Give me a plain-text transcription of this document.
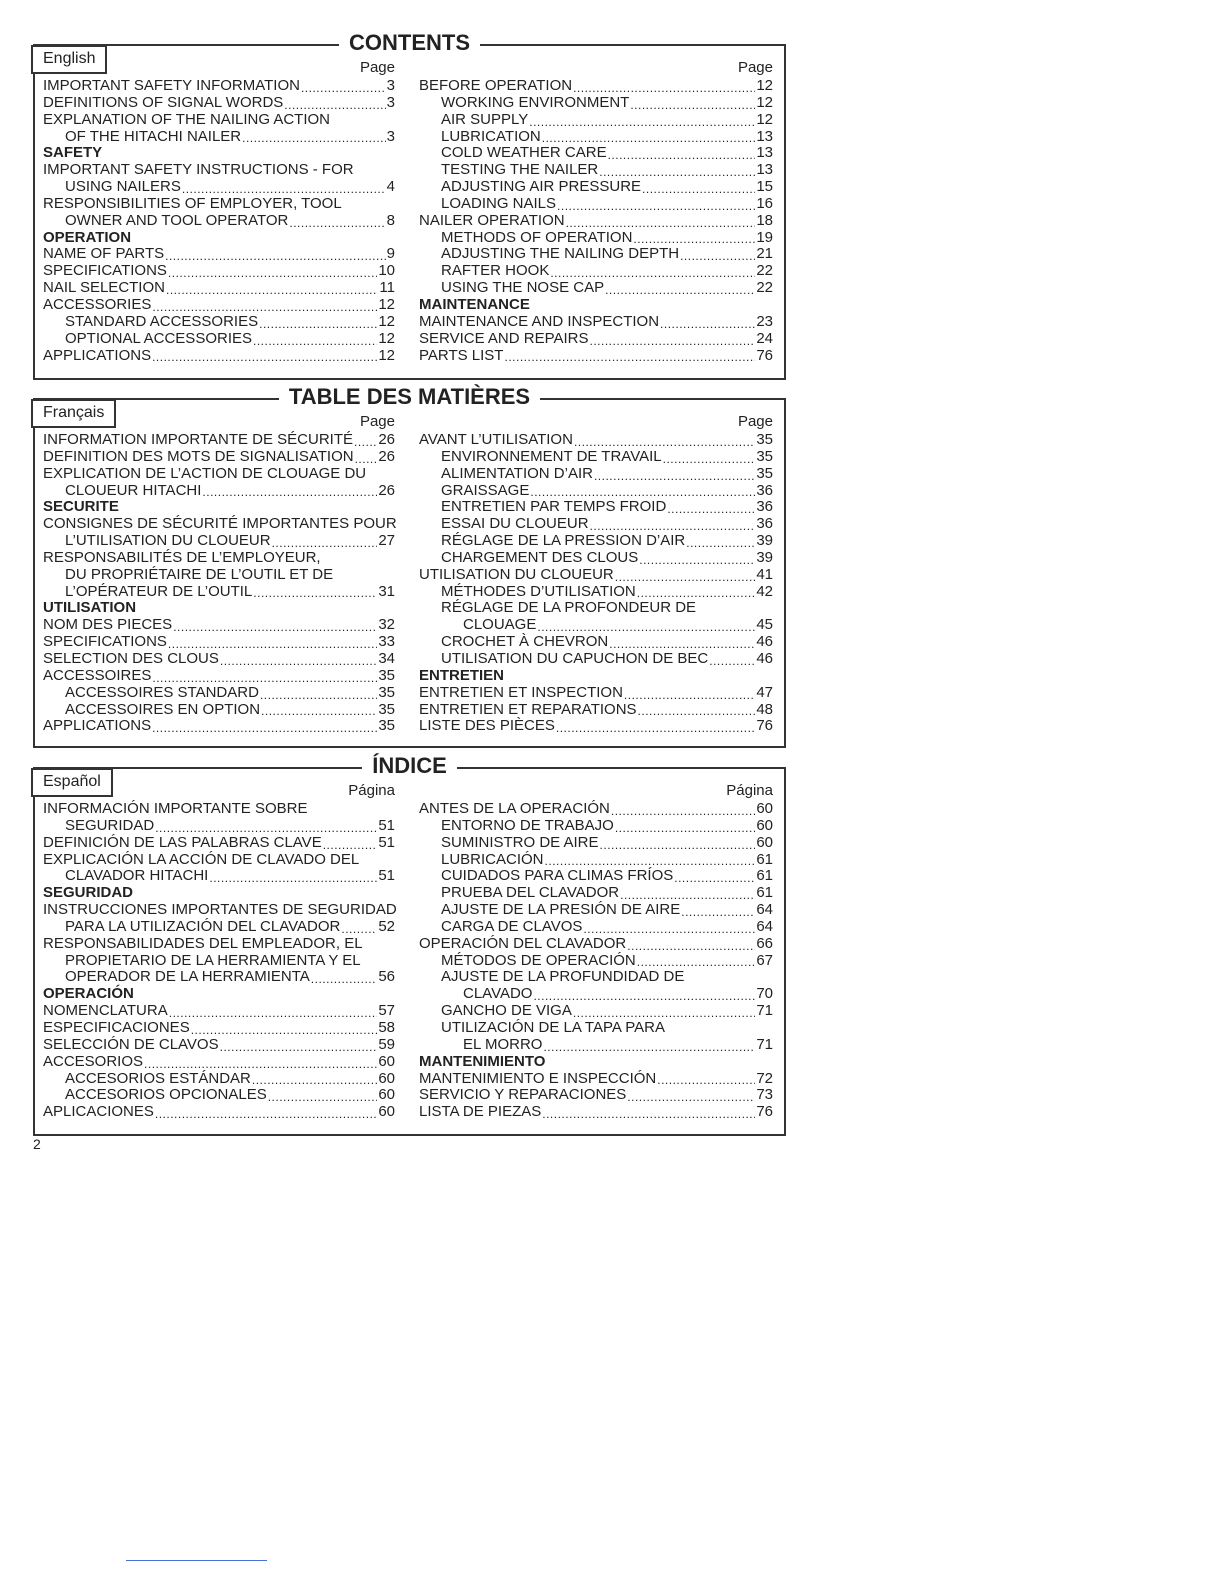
CONTENTS
English
Page
IMPORTANT SAFETY INFORMATION .....	3
DEFINITIONS OF SIGNAL WORDS .....	3
EXPLANATION OF THE NAILING ACTION
OF THE HITACHI NAILER .....	3
SAFETY
IMPORTANT SAFETY INSTRUCTIONS - FOR
USING NAILERS .....	4
RESPONSIBILITIES OF EMPLOYER, TOOL
OWNER AND TOOL OPERATOR .....	8
OPERATION
NAME OF PARTS .....	9
SPECIFICATIONS .....	10
NAIL SELECTION .....	11
ACCESSORIES .....	12
STANDARD ACCESSORIES .....	12
OPTIONAL ACCESSORIES .....	12
APPLICATIONS .....	12
Page
BEFORE OPERATION .....	12
WORKING ENVIRONMENT .....	12
AIR SUPPLY .....	12
LUBRICATION .....	13
COLD WEATHER CARE .....	13
TESTING THE NAILER .....	13
ADJUSTING AIR PRESSURE .....	15
LOADING NAILS .....	16
NAILER OPERATION .....	18
METHODS OF OPERATION .....	19
ADJUSTING THE NAILING DEPTH .....	21
RAFTER HOOK .....	22
USING THE NOSE CAP .....	22
MAINTENANCE
MAINTENANCE AND INSPECTION .....	23
SERVICE AND REPAIRS .....	24
PARTS LIST .....	76
TABLE DES MATIÈRES
Français
Page
INFORMATION IMPORTANTE DE SÉCURITÉ ..... 26
DEFINITION DES MOTS DE SIGNALISATION ..... 26
EXPLICATION DE L’ACTION DE CLOUAGE DU
CLOUEUR HITACHI .....	26
SECURITE
CONSIGNES DE SÉCURITÉ IMPORTANTES POUR
L’UTILISATION DU CLOUEUR .....	27
RESPONSABILITÉS DE L’EMPLOYEUR,
DU PROPRIÉTAIRE DE L’OUTIL ET DE
L’OPÉRATEUR DE L’OUTIL .....	31
UTILISATION
NOM DES PIECES .....	32
SPECIFICATIONS .....	33
SELECTION DES CLOUS .....	34
ACCESSOIRES .....	35
ACCESSOIRES STANDARD .....	35
ACCESSOIRES EN OPTION .....	35
APPLICATIONS .....	35
Page
AVANT L’UTILISATION .....	35
ENVIRONNEMENT DE TRAVAIL .....	35
ALIMENTATION D’AIR .....	35
GRAISSAGE .....	36
ENTRETIEN PAR TEMPS FROID .....	36
ESSAI DU CLOUEUR .....	36
RÉGLAGE DE LA PRESSION D’AIR .....	39
CHARGEMENT DES CLOUS .....	39
UTILISATION DU CLOUEUR .....	41
MÉTHODES D’UTILISATION .....	42
RÉGLAGE DE LA PROFONDEUR DE
CLOUAGE .....	45
CROCHET À CHEVRON .....	46
UTILISATION DU CAPUCHON DE BEC .....	46
ENTRETIEN
ENTRETIEN ET INSPECTION .....	47
ENTRETIEN ET REPARATIONS .....	48
LISTE DES PIÈCES .....	76
ÍNDICE
Español
Página
INFORMACIÓN IMPORTANTE SOBRE
SEGURIDAD .....	51
DEFINICIÓN DE LAS PALABRAS CLAVE .....	51
EXPLICACIÓN LA ACCIÓN DE CLAVADO DEL
CLAVADOR HITACHI .....	51
SEGURIDAD
INSTRUCCIONES IMPORTANTES DE SEGURIDAD
PARA LA UTILIZACIÓN DEL CLAVADOR .....	52
RESPONSABILIDADES DEL EMPLEADOR, EL
PROPIETARIO DE LA HERRAMIENTA Y EL
OPERADOR DE LA HERRAMIENTA .....	56
OPERACIÓN
NOMENCLATURA .....	57
ESPECIFICACIONES .....	58
SELECCIÓN DE CLAVOS .....	59
ACCESORIOS .....	60
ACCESORIOS ESTÁNDAR .....	60
ACCESORIOS OPCIONALES .....	60
APLICACIONES .....	60
Página
ANTES DE LA OPERACIÓN .....	60
ENTORNO DE TRABAJO .....	60
SUMINISTRO DE AIRE .....	60
LUBRICACIÓN .....	61
CUIDADOS PARA CLIMAS FRÍOS .....	61
PRUEBA DEL CLAVADOR .....	61
AJUSTE DE LA PRESIÓN DE AIRE .....	64
CARGA DE CLAVOS .....	64
OPERACIÓN DEL CLAVADOR .....	66
MÉTODOS DE OPERACIÓN .....	67
AJUSTE DE LA PROFUNDIDAD DE
CLAVADO .....	70
GANCHO DE VIGA .....	71
UTILIZACIÓN DE LA TAPA PARA
EL MORRO .....	71
MANTENIMIENTO
MANTENIMIENTO E INSPECCIÓN .....	72
SERVICIO Y REPARACIONES .....	73
LISTA DE PIEZAS .....	76
2
